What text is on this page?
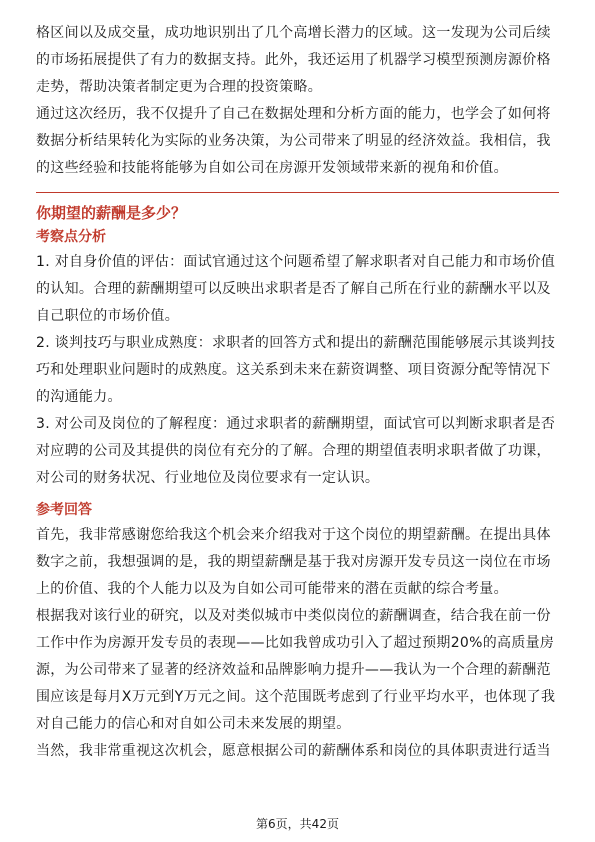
格区间以及成交量，成功地识别出了几个高增长潜力的区域。这一发现为公司后续的市场拓展提供了有力的数据支持。此外，我还运用了机器学习模型预测房源价格走势，帮助决策者制定更为合理的投资策略。

通过这次经历，我不仅提升了自己在数据处理和分析方面的能力，也学会了如何将数据分析结果转化为实际的业务决策，为公司带来了明显的经济效益。我相信，我的这些经验和技能将能够为自如公司在房源开发领域带来新的视角和价值。

你期望的薪酬是多少？
考察点分析

1. 对自身价值的评估：面试官通过这个问题希望了解求职者对自己能力和市场价值的认知。合理的薪酬期望可以反映出求职者是否了解自己所在行业的薪酬水平以及自己职位的市场价值。

2. 谈判技巧与职业成熟度：求职者的回答方式和提出的薪酬范围能够展示其谈判技巧和处理职业问题时的成熟度。这关系到未来在薪资调整、项目资源分配等情况下的沟通能力。

3. 对公司及岗位的了解程度：通过求职者的薪酬期望，面试官可以判断求职者是否对应聘的公司及其提供的岗位有充分的了解。合理的期望值表明求职者做了功课，对公司的财务状况、行业地位及岗位要求有一定认识。

参考回答

首先，我非常感谢您给我这个机会来介绍我对于这个岗位的期望薪酬。在提出具体数字之前，我想强调的是，我的期望薪酬是基于我对房源开发专员这一岗位在市场上的价值、我的个人能力以及为自如公司可能带来的潜在贡献的综合考量。

根据我对该行业的研究，以及对类似城市中类似岗位的薪酬调查，结合我在前一份工作中作为房源开发专员的表现——比如我曾成功引入了超过预期20%的高质量房源，为公司带来了显著的经济效益和品牌影响力提升——我认为一个合理的薪酬范围应该是每月X万元到Y万元之间。这个范围既考虑到了行业平均水平，也体现了我对自己能力的信心和对自如公司未来发展的期望。

当然，我非常重视这次机会，愿意根据公司的薪酬体系和岗位的具体职责进行适当

第6页，共42页
